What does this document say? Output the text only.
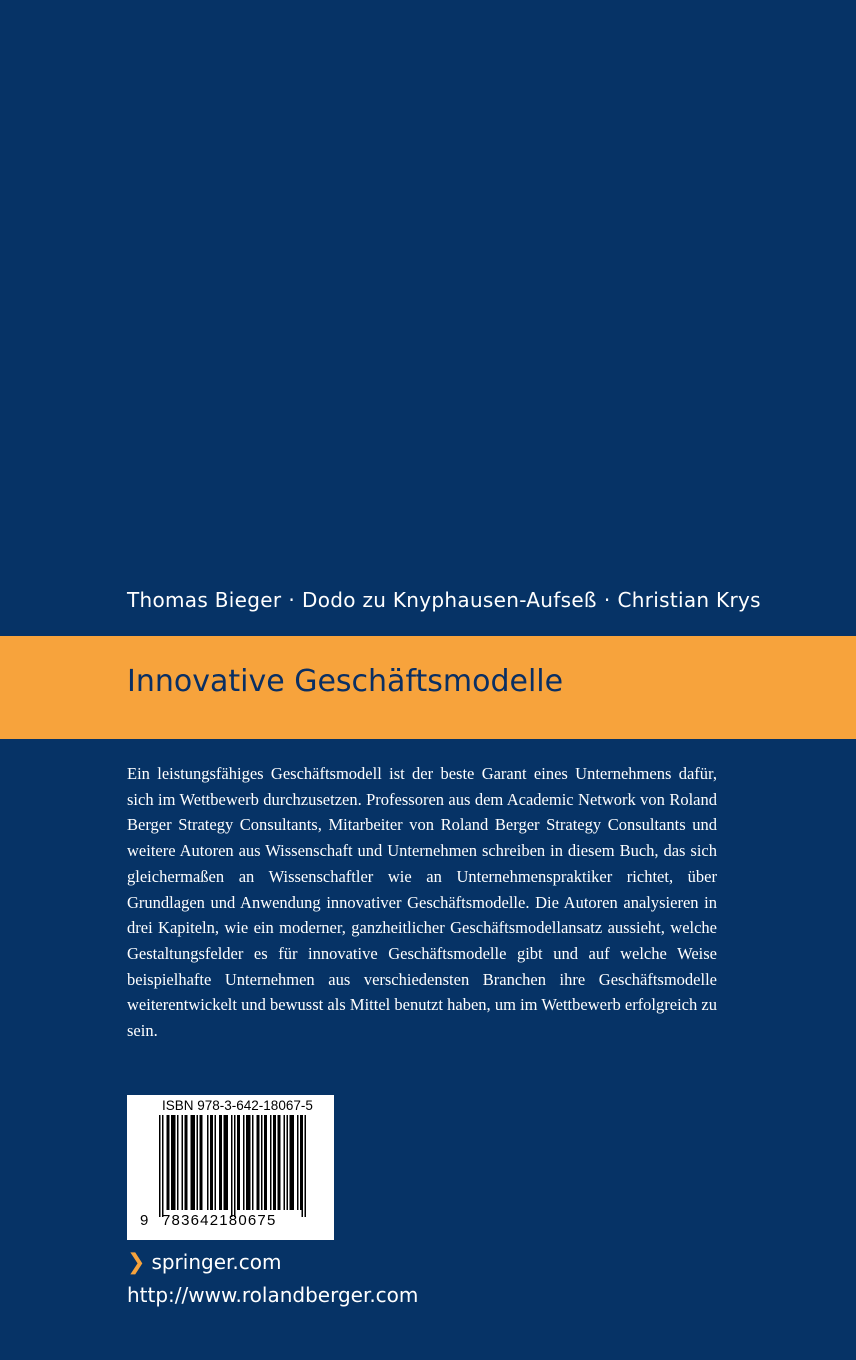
Thomas Bieger · Dodo zu Knyphausen-Aufseß · Christian Krys
Innovative Geschäftsmodelle

Ein leistungsfähiges Geschäftsmodell ist der beste Garant eines Unternehmens dafür, sich im Wettbewerb durchzusetzen. Professoren aus dem Academic Network von Roland Berger Strategy Consultants, Mitarbeiter von Roland Berger Strategy Consultants und weitere Autoren aus Wissenschaft und Unternehmen schreiben in diesem Buch, das sich gleichermaßen an Wissenschaftler wie an Unternehmenspraktiker richtet, über Grundlagen und Anwendung innovativer Geschäftsmodelle. Die Autoren analysieren in drei Kapiteln, wie ein moderner, ganzheitlicher Geschäftsmodellansatz aussieht, welche Gestaltungsfelder es für innovative Geschäftsmodelle gibt und auf welche Weise beispielhafte Unternehmen aus verschiedensten Branchen ihre Geschäftsmodelle weiterentwickelt und bewusst als Mittel benutzt haben, um im Wettbewerb erfolgreich zu sein.

ISBN 978-3-642-18067-5
9 783642180675
❯ springer.com
http://www.rolandberger.com
